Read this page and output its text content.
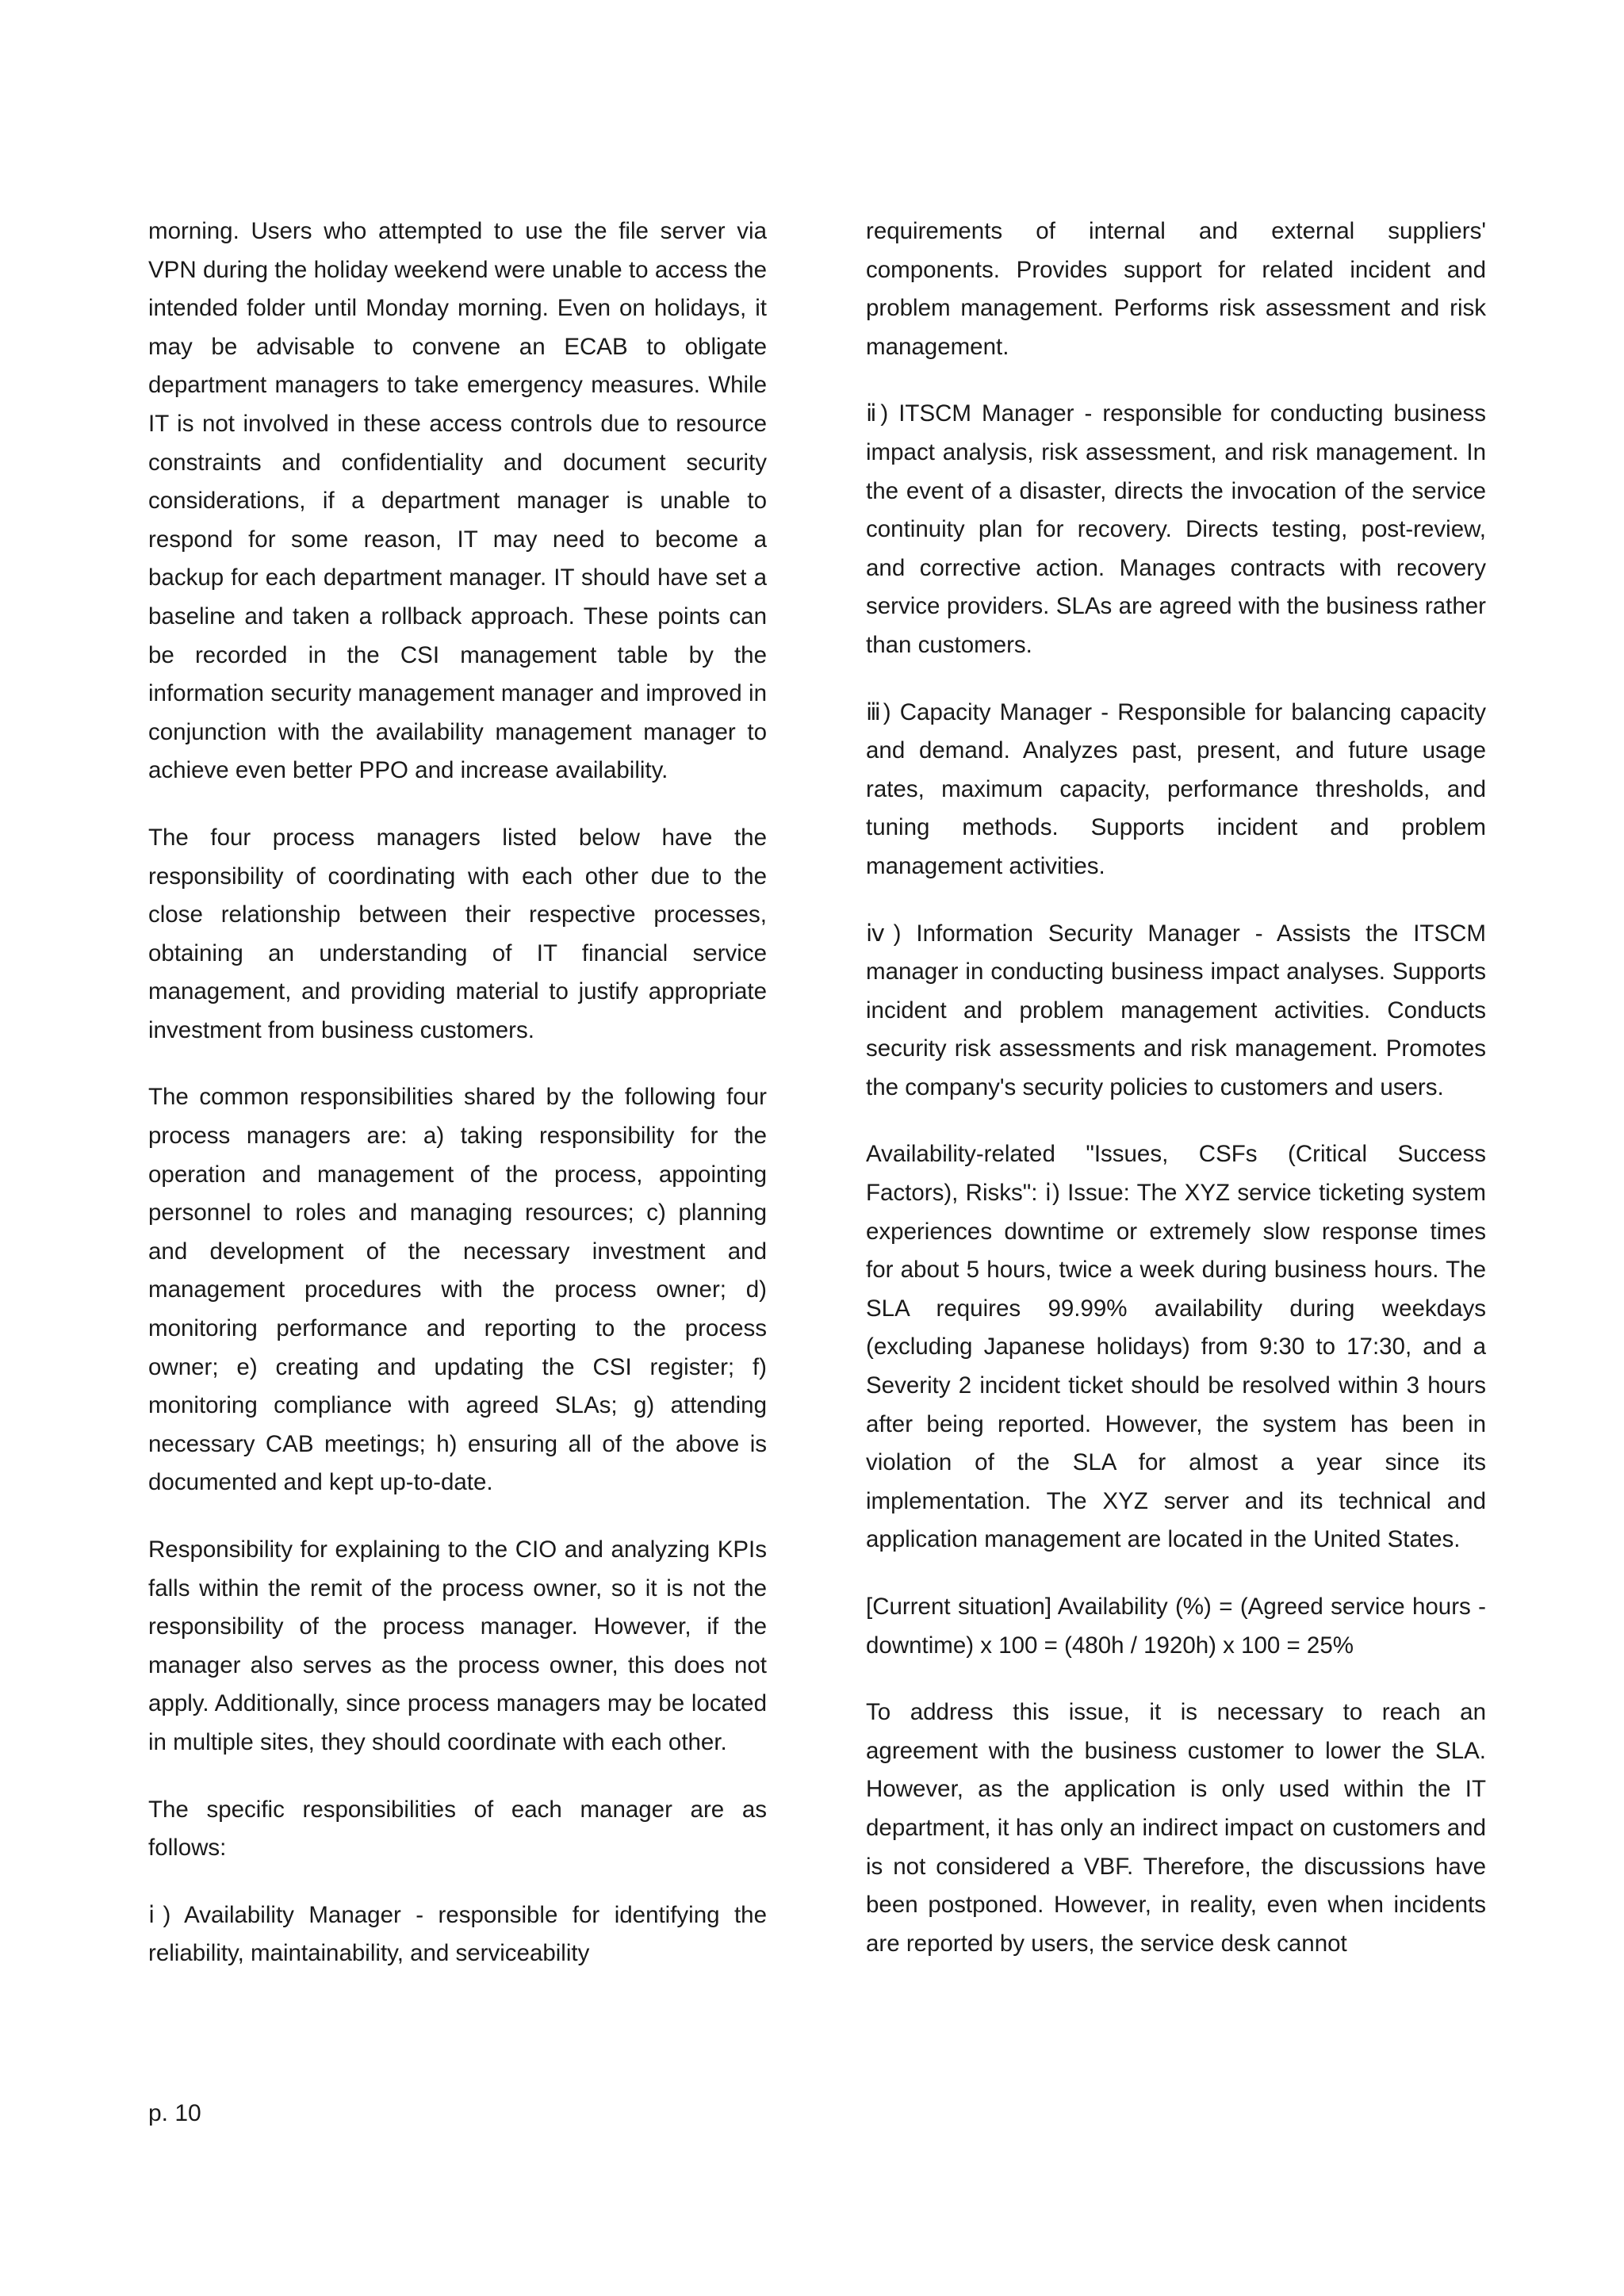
morning. Users who attempted to use the file server via VPN during the holiday weekend were unable to access the intended folder until Monday morning. Even on holidays, it may be advisable to convene an ECAB to obligate department managers to take emergency measures. While IT is not involved in these access controls due to resource constraints and confidentiality and document security considerations, if a department manager is unable to respond for some reason, IT may need to become a backup for each department manager. IT should have set a baseline and taken a rollback approach. These points can be recorded in the CSI management table by the information security management manager and improved in conjunction with the availability management manager to achieve even better PPO and increase availability.

The four process managers listed below have the responsibility of coordinating with each other due to the close relationship between their respective processes, obtaining an understanding of IT financial service management, and providing material to justify appropriate investment from business customers.

The common responsibilities shared by the following four process managers are: a) taking responsibility for the operation and management of the process, appointing personnel to roles and managing resources; c) planning and development of the necessary investment and management procedures with the process owner; d) monitoring performance and reporting to the process owner; e) creating and updating the CSI register; f) monitoring compliance with agreed SLAs; g) attending necessary CAB meetings; h) ensuring all of the above is documented and kept up-to-date.

Responsibility for explaining to the CIO and analyzing KPIs falls within the remit of the process owner, so it is not the responsibility of the process manager. However, if the manager also serves as the process owner, this does not apply. Additionally, since process managers may be located in multiple sites, they should coordinate with each other.

The specific responsibilities of each manager are as follows:

ⅰ) Availability Manager - responsible for identifying the reliability, maintainability, and serviceability

requirements of internal and external suppliers' components. Provides support for related incident and problem management. Performs risk assessment and risk management.

ⅱ) ITSCM Manager - responsible for conducting business impact analysis, risk assessment, and risk management. In the event of a disaster, directs the invocation of the service continuity plan for recovery. Directs testing, post-review, and corrective action. Manages contracts with recovery service providers. SLAs are agreed with the business rather than customers.

ⅲ) Capacity Manager - Responsible for balancing capacity and demand. Analyzes past, present, and future usage rates, maximum capacity, performance thresholds, and tuning methods. Supports incident and problem management activities.

ⅳ) Information Security Manager - Assists the ITSCM manager in conducting business impact analyses. Supports incident and problem management activities. Conducts security risk assessments and risk management. Promotes the company's security policies to customers and users.

Availability-related "Issues, CSFs (Critical Success Factors), Risks": ⅰ) Issue: The XYZ service ticketing system experiences downtime or extremely slow response times for about 5 hours, twice a week during business hours. The SLA requires 99.99% availability during weekdays (excluding Japanese holidays) from 9:30 to 17:30, and a Severity 2 incident ticket should be resolved within 3 hours after being reported. However, the system has been in violation of the SLA for almost a year since its implementation. The XYZ server and its technical and application management are located in the United States.

[Current situation] Availability (%) = (Agreed service hours - downtime) x 100 = (480h / 1920h) x 100 = 25%

To address this issue, it is necessary to reach an agreement with the business customer to lower the SLA. However, as the application is only used within the IT department, it has only an indirect impact on customers and is not considered a VBF. Therefore, the discussions have been postponed. However, in reality, even when incidents are reported by users, the service desk cannot

p. 10
